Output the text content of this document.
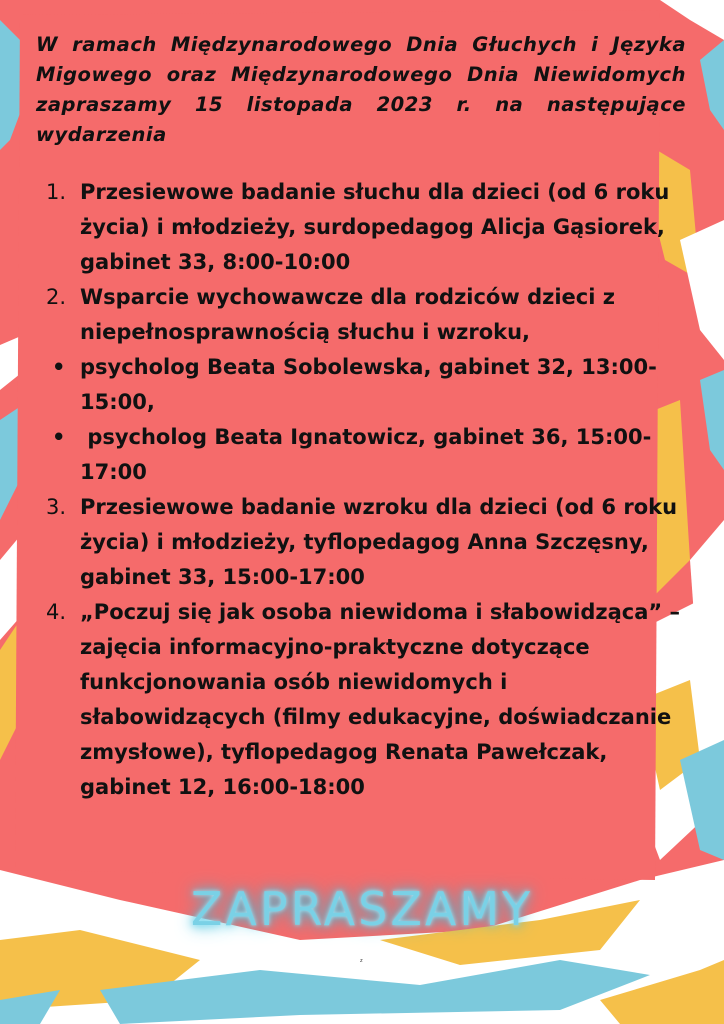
W ramach Międzynarodowego Dnia Głuchych i Języka Migowego oraz Międzynarodowego Dnia Niewidomych zapraszamy 15 listopada 2023 r. na następujące wydarzenia
1. Przesiewowe badanie słuchu dla dzieci (od 6 roku życia) i młodzieży, surdopedagog Alicja Gąsiorek, gabinet 33, 8:00-10:00
2. Wsparcie wychowawcze dla rodziców dzieci z niepełnosprawnością słuchu i wzroku,
• psycholog Beata Sobolewska, gabinet 32, 13:00-15:00,
• psycholog Beata Ignatowicz, gabinet 36, 15:00-17:00
3. Przesiewowe badanie wzroku dla dzieci (od 6 roku życia) i młodzieży, tyflopedagog Anna Szczęsny, gabinet 33, 15:00-17:00
4. „Poczuj się jak osoba niewidoma i słabowidząca” – zajęcia informacyjno-praktyczne dotyczące funkcjonowania osób niewidomych i słabowidzących (filmy edukacyjne, doświadczanie zmysłowe), tyflopedagog Renata Pawełczak, gabinet 12, 16:00-18:00
ZAPRASZAMY
z
